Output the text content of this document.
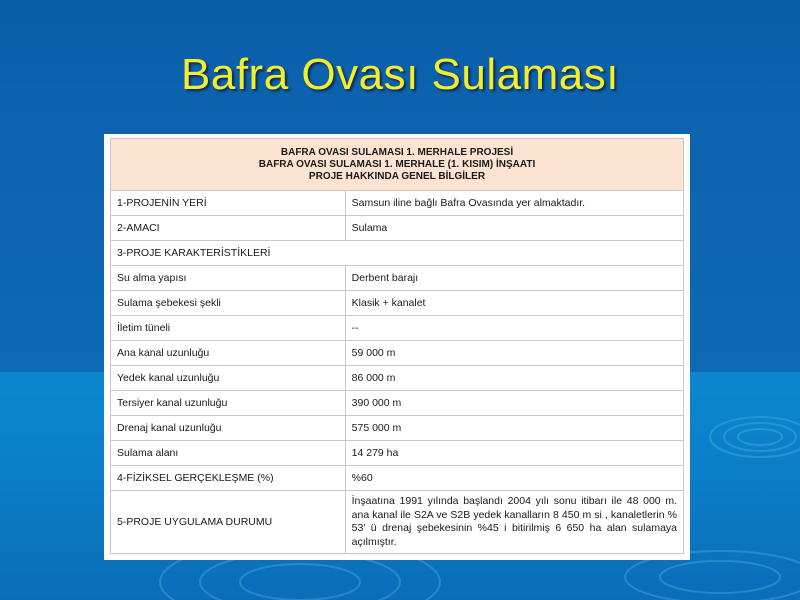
Bafra Ovası Sulaması
BAFRA OVASI SULAMASI 1. MERHALE PROJESİ
BAFRA OVASI SULAMASI 1. MERHALE (1. KISIM) İNŞAATI
PROJE HAKKINDA GENEL BİLGİLER	

1-PROJENİN YERİ	Samsun iline bağlı Bafra Ovasında yer almaktadır.
2-AMACI	Sulama
3-PROJE KARAKTERİSTİKLERİ	
Su alma yapısı	Derbent barajı
Sulama şebekesi şekli	Klasik + kanalet
İletim tüneli	--
Ana kanal uzunluğu	59 000 m
Yedek kanal uzunluğu	86 000 m
Tersiyer kanal uzunluğu	390 000 m
Drenaj kanal uzunluğu	575 000 m
Sulama alanı	14 279 ha
4-FİZİKSEL GERÇEKLEŞME (%)	%60
5-PROJE UYGULAMA DURUMU	İnşaatına 1991 yılında başlandı 2004 yılı sonu itibarı ile 48 000 m. ana kanal ile S2A ve S2B yedek kanalların 8 450 m si , kanaletlerin % 53' ü drenaj şebekesinin %45 i bitirilmiş 6 650 ha alan sulamaya açılmıştır.
